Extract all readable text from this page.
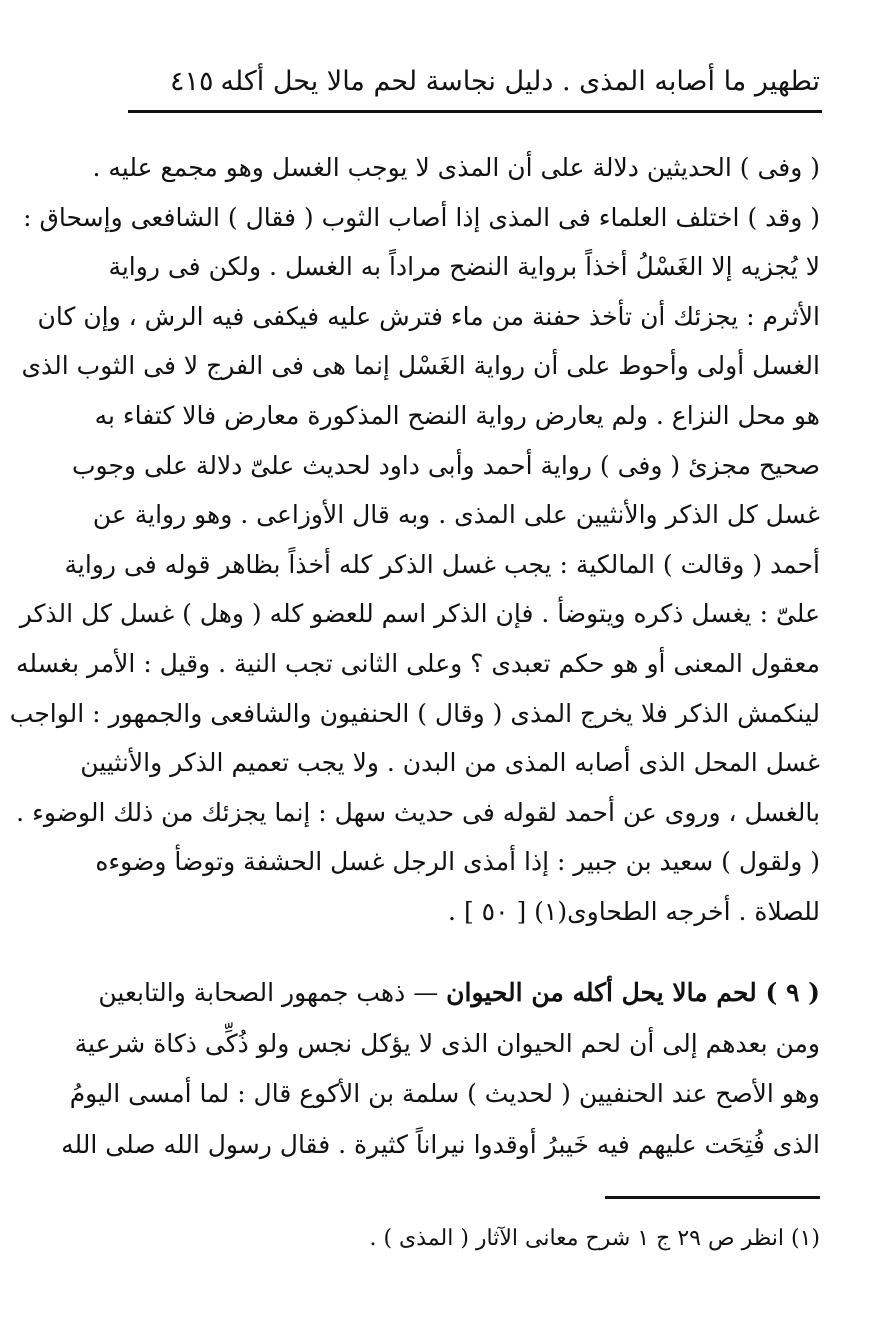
تطهير ما أصابه المذى . دليل نجاسة لحم مالا يحل أكله
٤١٥
( وفى ) الحديثين دلالة على أن المذى لا يوجب الغسل وهو مجمع عليه .
( وقد ) اختلف العلماء فى المذى إذا أصاب الثوب ( فقال ) الشافعى وإسحاق :
لا يُجزيه إلا الغَسْلُ أخذاً برواية النضح مراداً به الغسل . ولكن فى رواية
الأثرم : يجزئك أن تأخذ حفنة من ماء فترش عليه فيكفى فيه الرش ، وإن كان
الغسل أولى وأحوط على أن رواية الغَسْل إنما هى فى الفرج لا فى الثوب الذى
هو محل النزاع . ولم يعارض رواية النضح المذكورة معارض فالا كتفاء به
صحيح مجزئ ( وفى ) رواية أحمد وأبى داود لحديث علىّ دلالة على وجوب
غسل كل الذكر والأنثيين على المذى . وبه قال الأوزاعى . وهو رواية عن
أحمد ( وقالت ) المالكية : يجب غسل الذكر كله أخذاً بظاهر قوله فى رواية
علىّ : يغسل ذكره ويتوضأ . فإن الذكر اسم للعضو كله ( وهل ) غسل كل الذكر
معقول المعنى أو هو حكم تعبدى ؟ وعلى الثانى تجب النية . وقيل : الأمر بغسله
لينكمش الذكر فلا يخرج المذى ( وقال ) الحنفيون والشافعى والجمهور : الواجب
غسل المحل الذى أصابه المذى من البدن . ولا يجب تعميم الذكر والأنثيين
بالغسل ، وروى عن أحمد لقوله فى حديث سهل : إنما يجزئك من ذلك الوضوء .
( ولقول ) سعيد بن جبير : إذا أمذى الرجل غسل الحشفة وتوضأ وضوءه
للصلاة . أخرجه الطحاوى(١) [ ٥٠ ] .
( ٩ ) لحم مالا يحل أكله من الحيوان — ذهب جمهور الصحابة والتابعين
ومن بعدهم إلى أن لحم الحيوان الذى لا يؤكل نجس ولو ذُكِّى ذكاة شرعية
وهو الأصح عند الحنفيين ( لحديث ) سلمة بن الأكوع قال : لما أمسى اليومُ
الذى فُتِحَت عليهم فيه خَيبرُ أوقدوا نيراناً كثيرة . فقال رسول الله صلى الله
(١) انظر ص ٢٩ ج ١ شرح معانى الآثار ( المذى ) .
